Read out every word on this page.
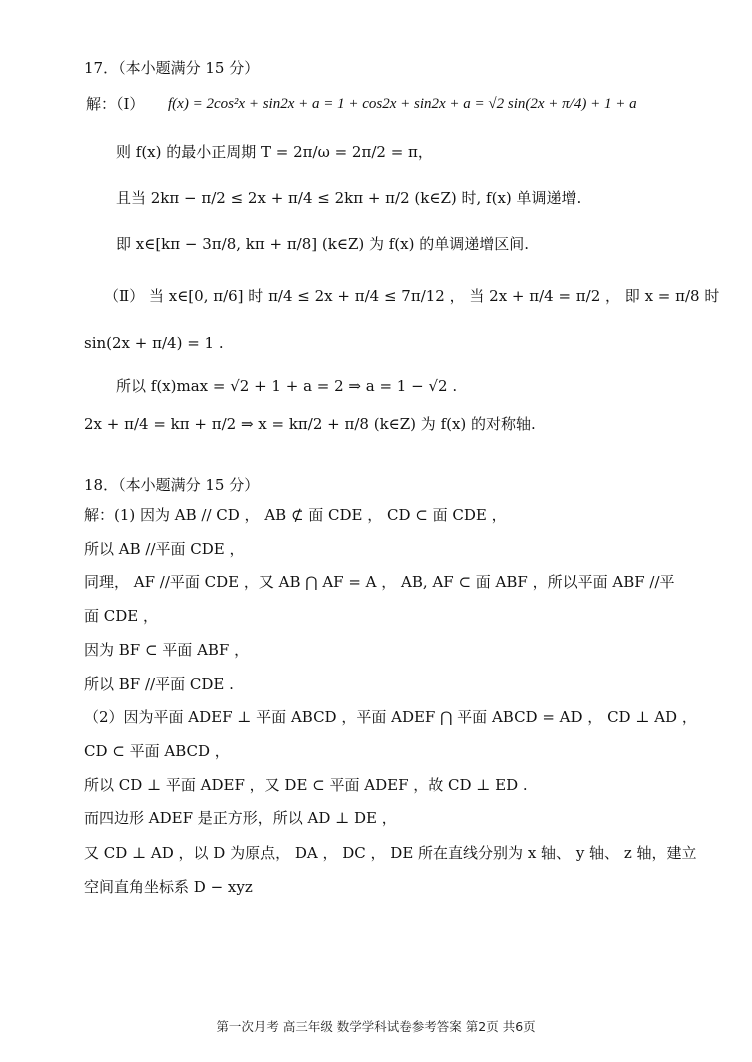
17．（本小题满分 15 分）
解：（Ⅰ） f(x) = 2cos²x + sin2x + a = 1 + cos2x + sin2x + a = √2 sin(2x + π/4) + 1 + a
则 f(x) 的最小正周期 T = 2π/ω = 2π/2 = π，
且当 2kπ − π/2 ≤ 2x + π/4 ≤ 2kπ + π/2 (k∈Z) 时, f(x) 单调递增.
即 x∈[kπ − 3π/8, kπ + π/8] (k∈Z) 为 f(x) 的单调递增区间.
（Ⅱ） 当 x∈[0, π/6] 时 π/4 ≤ 2x + π/4 ≤ 7π/12 ， 当 2x + π/4 = π/2 ， 即 x = π/8 时
sin(2x + π/4) = 1 .
所以 f(x)max = √2 + 1 + a = 2 ⇒ a = 1 − √2 .
2x + π/4 = kπ + π/2 ⇒ x = kπ/2 + π/8 (k∈Z) 为 f(x) 的对称轴.
18．（本小题满分 15 分）
解：(1) 因为 AB // CD ， AB ⊄ 面 CDE ， CD ⊂ 面 CDE ，
所以 AB //平面 CDE ，
同理， AF //平面 CDE ，又 AB ⋂ AF = A ， AB, AF ⊂ 面 ABF ，所以平面 ABF //平
面 CDE ，
因为 BF ⊂ 平面 ABF ，
所以 BF //平面 CDE .
（2）因为平面 ADEF ⊥ 平面 ABCD ，平面 ADEF ⋂ 平面 ABCD = AD ， CD ⊥ AD ，
CD ⊂ 平面 ABCD ，
所以 CD ⊥ 平面 ADEF ，又 DE ⊂ 平面 ADEF ，故 CD ⊥ ED .
而四边形 ADEF 是正方形，所以 AD ⊥ DE ，
又 CD ⊥ AD ，以 D 为原点， DA ， DC ， DE 所在直线分别为 x 轴、 y 轴、 z 轴，建立
空间直角坐标系 D − xyz
第一次月考 高三年级 数学学科试卷参考答案 第2页 共6页
